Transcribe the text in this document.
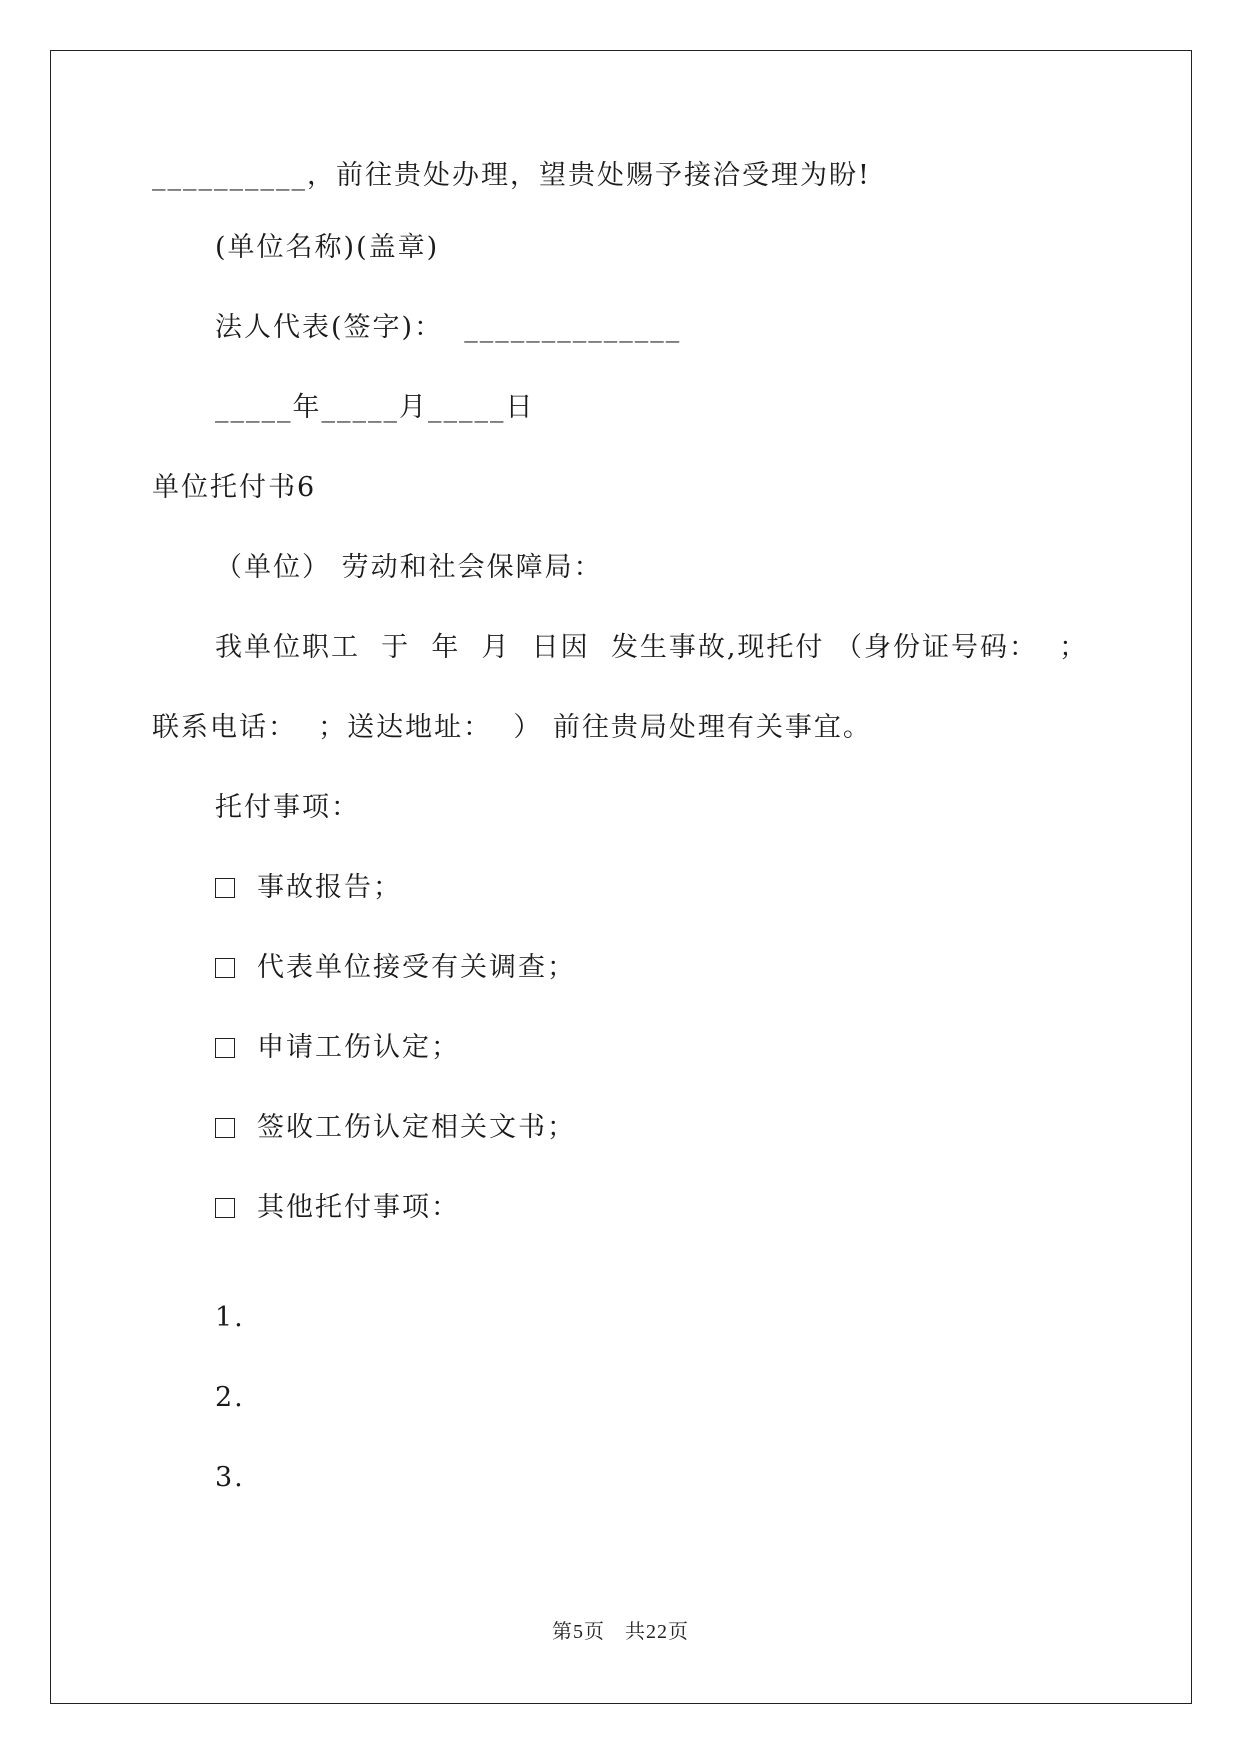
__________，前往贵处办理，望贵处赐予接洽受理为盼!
(单位名称)(盖章)
法人代表(签字)：  ______________
_____年_____月_____日
单位托付书6
（单位） 劳动和社会保障局：
我单位职工  于  年  月  日因  发生事故,现托付 （身份证号码：  ；
联系电话：  ；送达地址：  ） 前往贵局处理有关事宜。
托付事项：
事故报告；
代表单位接受有关调查；
申请工伤认定；
签收工伤认定相关文书；
其他托付事项：
1.
2.
3.
第5页 共22页
